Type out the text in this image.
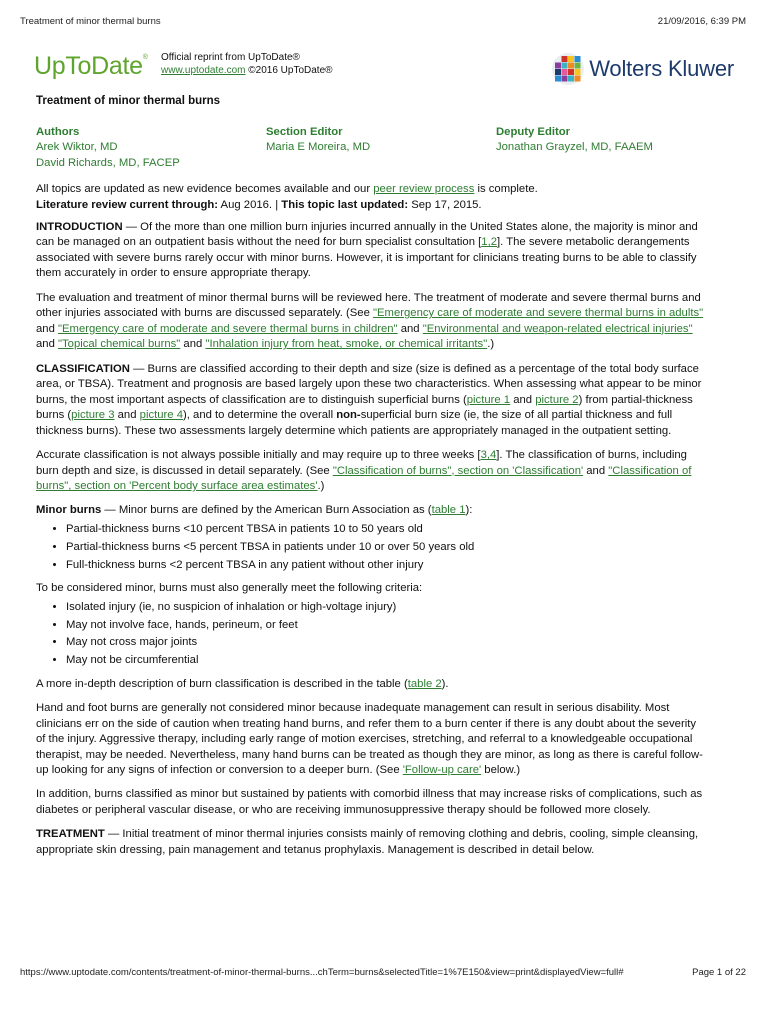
Treatment of minor thermal burns	21/09/2016, 6:39 PM
UpToDate® Official reprint from UpToDate®
www.uptodate.com ©2016 UpToDate®	Wolters Kluwer
Treatment of minor thermal burns
Authors
Arek Wiktor, MD
David Richards, MD, FACEP
Section Editor
Maria E Moreira, MD
Deputy Editor
Jonathan Grayzel, MD, FAAEM

All topics are updated as new evidence becomes available and our peer review process is complete.
Literature review current through: Aug 2016. | This topic last updated: Sep 17, 2015.

INTRODUCTION — Of the more than one million burn injuries incurred annually in the United States alone, the majority is minor and can be managed on an outpatient basis without the need for burn specialist consultation [1,2]. The severe metabolic derangements associated with severe burns rarely occur with minor burns. However, it is important for clinicians treating burns to be able to classify them accurately in order to ensure appropriate therapy.

The evaluation and treatment of minor thermal burns will be reviewed here. The treatment of moderate and severe thermal burns and other injuries associated with burns are discussed separately. (See "Emergency care of moderate and severe thermal burns in adults" and "Emergency care of moderate and severe thermal burns in children" and "Environmental and weapon-related electrical injuries" and "Topical chemical burns" and "Inhalation injury from heat, smoke, or chemical irritants".)

CLASSIFICATION — Burns are classified according to their depth and size (size is defined as a percentage of the total body surface area, or TBSA). Treatment and prognosis are based largely upon these two characteristics. When assessing what appear to be minor burns, the most important aspects of classification are to distinguish superficial burns (picture 1 and picture 2) from partial-thickness burns (picture 3 and picture 4), and to determine the overall non-superficial burn size (ie, the size of all partial thickness and full thickness burns). These two assessments largely determine which patients are appropriately managed in the outpatient setting.

Accurate classification is not always possible initially and may require up to three weeks [3,4]. The classification of burns, including burn depth and size, is discussed in detail separately. (See "Classification of burns", section on 'Classification' and "Classification of burns", section on 'Percent body surface area estimates'.)

Minor burns — Minor burns are defined by the American Burn Association as (table 1):

• Partial-thickness burns <10 percent TBSA in patients 10 to 50 years old
• Partial-thickness burns <5 percent TBSA in patients under 10 or over 50 years old
• Full-thickness burns <2 percent TBSA in any patient without other injury

To be considered minor, burns must also generally meet the following criteria:

• Isolated injury (ie, no suspicion of inhalation or high-voltage injury)
• May not involve face, hands, perineum, or feet
• May not cross major joints
• May not be circumferential

A more in-depth description of burn classification is described in the table (table 2).

Hand and foot burns are generally not considered minor because inadequate management can result in serious disability. Most clinicians err on the side of caution when treating hand burns, and refer them to a burn center if there is any doubt about the severity of the injury. Aggressive therapy, including early range of motion exercises, stretching, and referral to a knowledgeable occupational therapist, may be needed. Nevertheless, many hand burns can be treated as though they are minor, as long as there is careful follow-up looking for any signs of infection or conversion to a deeper burn. (See 'Follow-up care' below.)

In addition, burns classified as minor but sustained by patients with comorbid illness that may increase risks of complications, such as diabetes or peripheral vascular disease, or who are receiving immunosuppressive therapy should be followed more closely.

TREATMENT — Initial treatment of minor thermal injuries consists mainly of removing clothing and debris, cooling, simple cleansing, appropriate skin dressing, pain management and tetanus prophylaxis. Management is described in detail below.

https://www.uptodate.com/contents/treatment-of-minor-thermal-burns...chTerm=burns&selectedTitle=1%7E150&view=print&displayedView=full#	Page 1 of 22
